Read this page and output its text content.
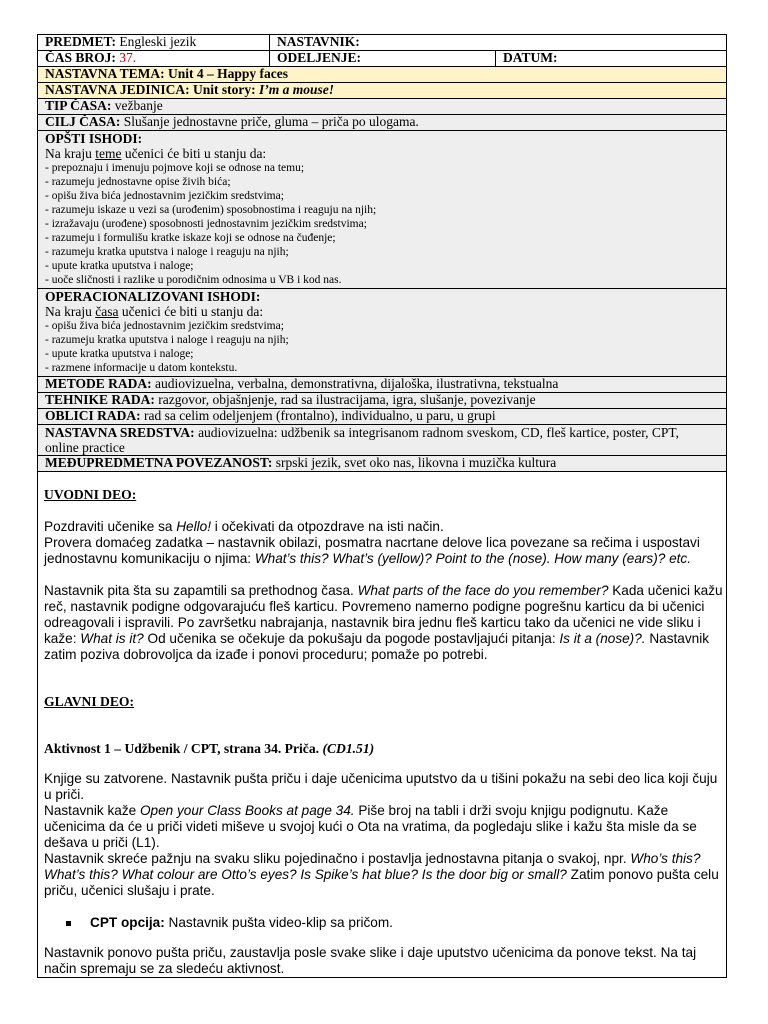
PREDMET: Engleski jezik	NASTAVNIK:
ČAS BROJ: 37.	ODELJENJE:	DATUM:
NASTAVNA TEMA: Unit 4 – Happy faces
NASTAVNA JEDINICA: Unit story: I’m a mouse!
TIP ČASA: vežbanje
CILJ ČASA: Slušanje jednostavne priče, gluma – priča po ulogama.
OPŠTI ISHODI:
Na kraju teme učenici će biti u stanju da:
- prepoznaju i imenuju pojmove koji se odnose na temu;
- razumeju jednostavne opise živih bića;
- opišu živa bića jednostavnim jezičkim sredstvima;
- razumeju iskaze u vezi sa (urođenim) sposobnostima i reaguju na njih;
- izražavaju (urođene) sposobnosti jednostavnim jezičkim sredstvima;
- razumeju i formulišu kratke iskaze koji se odnose na čuđenje;
- razumeju kratka uputstva i naloge i reaguju na njih;
- upute kratka uputstva i naloge;
- uoče sličnosti i razlike u porodičnim odnosima u VB i kod nas.
OPERACIONALIZOVANI ISHODI:
Na kraju časa učenici će biti u stanju da:
- opišu živa bića jednostavnim jezičkim sredstvima;
- razumeju kratka uputstva i naloge i reaguju na njih;
- upute kratka uputstva i naloge;
- razmene informacije u datom kontekstu.
METODE RADA: audiovizuelna, verbalna, demonstrativna, dijaloška, ilustrativna, tekstualna
TEHNIKE RADA: razgovor, objašnjenje, rad sa ilustracijama, igra, slušanje, povezivanje
OBLICI RADA: rad sa celim odeljenjem (frontalno), individualno, u paru, u grupi
NASTAVNA SREDSTVA: audiovizuelna: udžbenik sa integrisanom radnom sveskom, CD, fleš kartice, poster, CPT,
online practice
MEĐUPREDMETNA POVEZANOST: srpski jezik, svet oko nas, likovna i muzička kultura

UVODNI DEO:

Pozdraviti učenike sa Hello! i očekivati da otpozdrave na isti način.

Provera domaćeg zadatka – nastavnik obilazi, posmatra nacrtane delove lica povezane sa rečima i uspostavi jednostavnu komunikaciju o njima: What’s this? What’s (yellow)? Point to the (nose). How many (ears)? etc.

Nastavnik pita šta su zapamtili sa prethodnog časa. What parts of the face do you remember? Kada učenici kažu reč, nastavnik podigne odgovarajuću fleš karticu. Povremeno namerno podigne pogrešnu karticu da bi učenici odreagovali i ispravili. Po završetku nabrajanja, nastavnik bira jednu fleš karticu tako da učenici ne vide sliku i kaže: What is it? Od učenika se očekuje da pokušaju da pogode postavljajući pitanja: Is it a (nose)?. Nastavnik zatim poziva dobrovoljca da izađe i ponovi proceduru; pomaže po potrebi.

GLAVNI DEO:

Aktivnost 1 – Udžbenik / CPT, strana 34. Priča. (CD1.51)

Knjige su zatvorene. Nastavnik pušta priču i daje učenicima uputstvo da u tišini pokažu na sebi deo lica koji čuju u priči.

Nastavnik kaže Open your Class Books at page 34. Piše broj na tabli i drži svoju knjigu podignutu. Kaže učenicima da će u priči videti miševe u svojoj kući o Ota na vratima, da pogledaju slike i kažu šta misle da se dešava u priči (L1).

Nastavnik skreće pažnju na svaku sliku pojedinačno i postavlja jednostavna pitanja o svakoj, npr. Who’s this? What’s this? What colour are Otto’s eyes? Is Spike’s hat blue? Is the door big or small? Zatim ponovo pušta celu priču, učenici slušaju i prate.

CPT opcija: Nastavnik pušta video-klip sa pričom.

Nastavnik ponovo pušta priču, zaustavlja posle svake slike i daje uputstvo učenicima da ponove tekst. Na taj način spremaju se za sledeću aktivnost.
